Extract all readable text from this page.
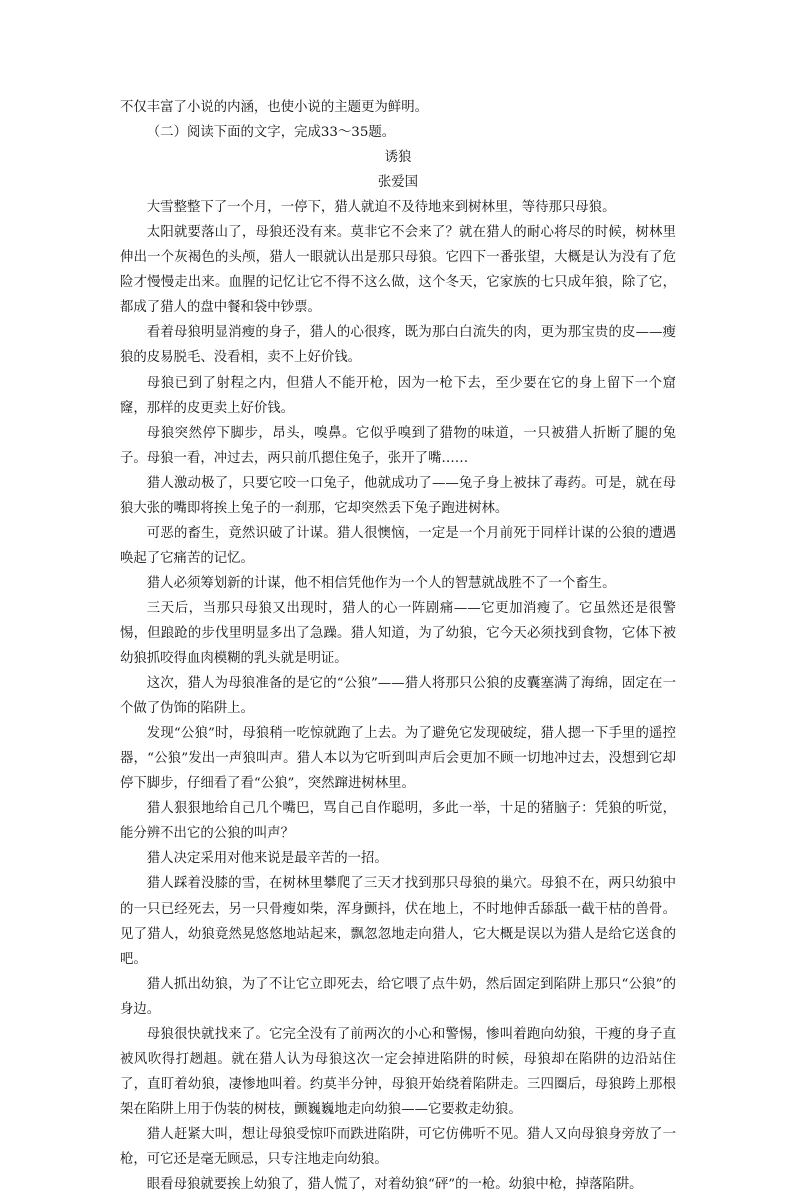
不仅丰富了小说的内涵，也使小说的主题更为鲜明。

（二）阅读下面的文字，完成33～35题。

诱狼

张爱国

大雪整整下了一个月，一停下，猎人就迫不及待地来到树林里，等待那只母狼。

太阳就要落山了，母狼还没有来。莫非它不会来了？就在猎人的耐心将尽的时候，树林里伸出一个灰褐色的头颅，猎人一眼就认出是那只母狼。它四下一番张望，大概是认为没有了危险才慢慢走出来。血腥的记忆让它不得不这么做，这个冬天，它家族的七只成年狼，除了它，都成了猎人的盘中餐和袋中钞票。

看着母狼明显消瘦的身子，猎人的心很疼，既为那白白流失的肉，更为那宝贵的皮——瘦狼的皮易脱毛、没看相，卖不上好价钱。

母狼已到了射程之内，但猎人不能开枪，因为一枪下去，至少要在它的身上留下一个窟窿，那样的皮更卖上好价钱。

母狼突然停下脚步，昂头，嗅鼻。它似乎嗅到了猎物的味道，一只被猎人折断了腿的兔子。母狼一看，冲过去，两只前爪摁住兔子，张开了嘴……

猎人激动极了，只要它咬一口兔子，他就成功了——兔子身上被抹了毒药。可是，就在母狼大张的嘴即将挨上兔子的一刹那，它却突然丢下兔子跑进树林。

可恶的畜生，竟然识破了计谋。猎人很懊恼，一定是一个月前死于同样计谋的公狼的遭遇唤起了它痛苦的记忆。

猎人必须筹划新的计谋，他不相信凭他作为一个人的智慧就战胜不了一个畜生。

三天后，当那只母狼又出现时，猎人的心一阵剧痛——它更加消瘦了。它虽然还是很警惕，但踉跄的步伐里明显多出了急躁。猎人知道，为了幼狼，它今天必须找到食物，它体下被幼狼抓咬得血肉模糊的乳头就是明证。

这次，猎人为母狼准备的是它的“公狼”——猎人将那只公狼的皮囊塞满了海绵，固定在一个做了伪饰的陷阱上。

发现“公狼”时，母狼稍一吃惊就跑了上去。为了避免它发现破绽，猎人摁一下手里的遥控器，“公狼”发出一声狼叫声。猎人本以为它听到叫声后会更加不顾一切地冲过去，没想到它却停下脚步，仔细看了看“公狼”，突然蹿进树林里。

猎人狠狠地给自己几个嘴巴，骂自己自作聪明，多此一举，十足的猪脑子：凭狼的听觉，能分辨不出它的公狼的叫声？

猎人决定采用对他来说是最辛苦的一招。

猎人踩着没膝的雪，在树林里攀爬了三天才找到那只母狼的巢穴。母狼不在，两只幼狼中的一只已经死去，另一只骨瘦如柴，浑身颤抖，伏在地上，不时地伸舌舔舐一截干枯的兽骨。见了猎人，幼狼竟然晃悠悠地站起来，飘忽忽地走向猎人，它大概是误以为猎人是给它送食的吧。

猎人抓出幼狼，为了不让它立即死去，给它喂了点牛奶，然后固定到陷阱上那只“公狼”的身边。

母狼很快就找来了。它完全没有了前两次的小心和警惕，惨叫着跑向幼狼，干瘦的身子直被风吹得打趔趄。就在猎人认为母狼这次一定会掉进陷阱的时候，母狼却在陷阱的边沿站住了，直盯着幼狼，凄惨地叫着。约莫半分钟，母狼开始绕着陷阱走。三四圈后，母狼跨上那根架在陷阱上用于伪装的树枝，颤巍巍地走向幼狼——它要救走幼狼。

猎人赶紧大叫，想让母狼受惊吓而跌进陷阱，可它仿佛听不见。猎人又向母狼身旁放了一枪，可它还是毫无顾忌，只专注地走向幼狼。

眼看母狼就要挨上幼狼了，猎人慌了，对着幼狼“砰”的一枪。幼狼中枪，掉落陷阱。
